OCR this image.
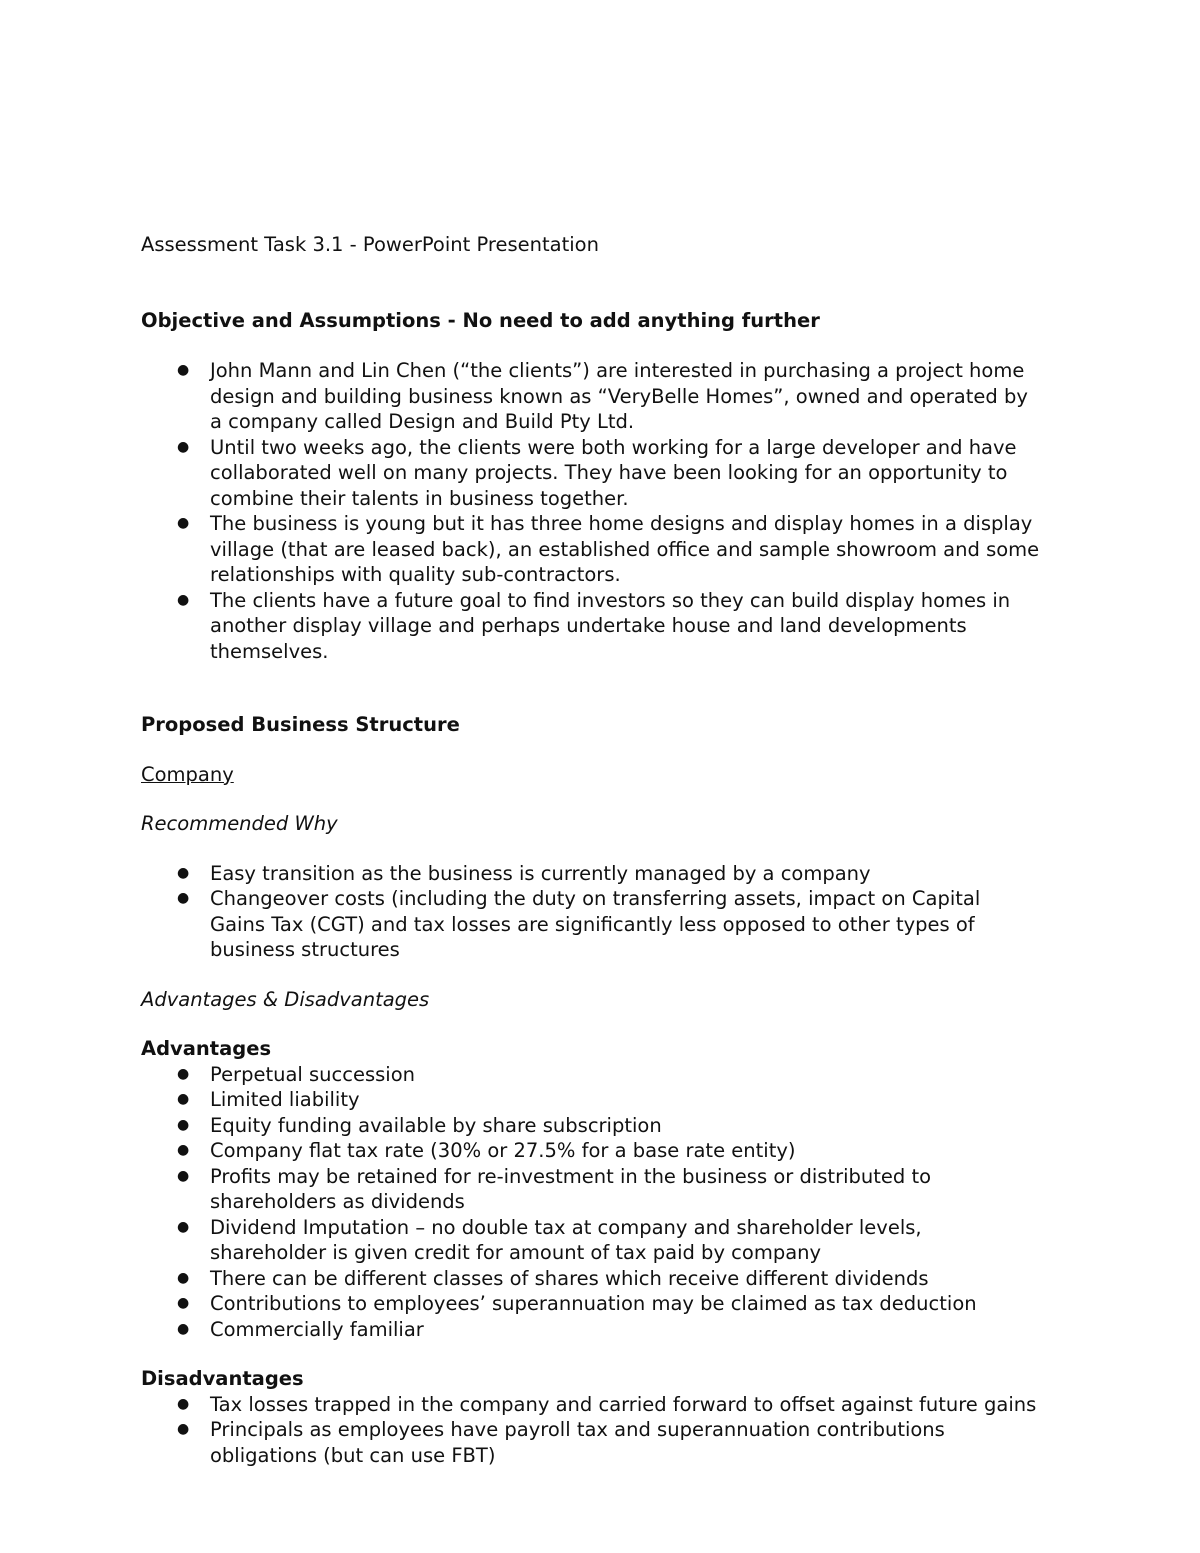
Assessment Task 3.1 - PowerPoint Presentation

Objective and Assumptions - No need to add anything further

● John Mann and Lin Chen (“the clients”) are interested in purchasing a project home design and building business known as “VeryBelle Homes”, owned and operated by a company called Design and Build Pty Ltd.
● Until two weeks ago, the clients were both working for a large developer and have collaborated well on many projects. They have been looking for an opportunity to combine their talents in business together.
● The business is young but it has three home designs and display homes in a display village (that are leased back), an established office and sample showroom and some relationships with quality sub-contractors.
● The clients have a future goal to find investors so they can build display homes in another display village and perhaps undertake house and land developments themselves.

Proposed Business Structure

Company

Recommended Why

● Easy transition as the business is currently managed by a company
● Changeover costs (including the duty on transferring assets, impact on Capital Gains Tax (CGT) and tax losses are significantly less opposed to other types of business structures

Advantages & Disadvantages

Advantages

● Perpetual succession
● Limited liability
● Equity funding available by share subscription
● Company flat tax rate (30% or 27.5% for a base rate entity)
● Profits may be retained for re-investment in the business or distributed to shareholders as dividends
● Dividend Imputation – no double tax at company and shareholder levels, shareholder is given credit for amount of tax paid by company
● There can be different classes of shares which receive different dividends
● Contributions to employees’ superannuation may be claimed as tax deduction
● Commercially familiar

Disadvantages

● Tax losses trapped in the company and carried forward to offset against future gains
● Principals as employees have payroll tax and superannuation contributions obligations (but can use FBT)
